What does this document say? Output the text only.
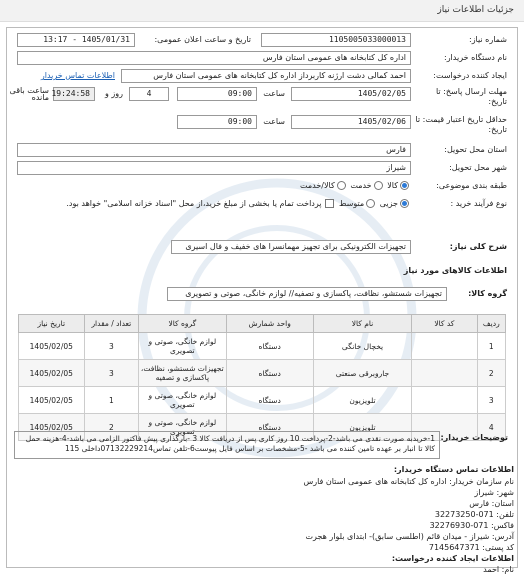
جزئیات اطلاعات نیاز
شماره نیاز:
1105005033000013
تاریخ و ساعت اعلان عمومی:
1405/01/31 - 13:17
نام دستگاه خریدار:
اداره کل کتابخانه های عمومی استان فارس
ایجاد کننده درخواست:
احمد کمالی دشت ارژنه کاربرداز اداره کل کتابخانه های عمومی استان فارس
اطلاعات تماس خریدار
مهلت ارسال پاسخ: تا تاریخ:
1405/02/05
ساعت
09:00
4
روز و
19:24:58
ساعت باقی مانده
حداقل تاریخ اعتبار قیمت: تا تاریخ:
1405/02/06
ساعت
09:00
استان محل تحویل:
فارس
شهر محل تحویل:
شیراز
طبقه بندی موضوعی:
کالا خدمت کالا/خدمت
نوع فرآیند خرید :
جزیی متوسط پرداخت تمام یا بخشی از مبلغ خرید،از محل "اسناد خزانه اسلامی" خواهد بود.
شرح کلی نیاز:
تجهیزات الکترونیکی برای تجهیز مهمانسرا های خفیف و فال اسیری
اطلاعات کالاهای مورد نیاز
گروه کالا:
تجهیزات شستشو، نظافت، پاکسازی و تصفیه// لوازم خانگی، صوتی و تصویری
ردیف	کد کالا	نام کالا	واحد شمارش	گروه کالا	تعداد / مقدار	تاریخ نیاز
1		یخچال خانگی	دستگاه	لوازم خانگی، صوتی و تصویری	3	1405/02/05
2		جاروبرقی صنعتی	دستگاه	تجهیزات شستشو، نظافت، پاکسازی و تصفیه	3	1405/02/05
3		تلویزیون	دستگاه	لوازم خانگی، صوتی و تصویری	1	1405/02/05
4		تلویزیون	دستگاه	لوازم خانگی، صوتی و تصویری	2	1405/02/05
1-خریدبه صورت نقدی می باشد-2-پرداخت 10 روز کاری پس از دریافت کالا 3 -بارگذاری پیش فاکتور الزامی می باشد-4-هزینه حمل کالا تا انبار بر عهده تامین کننده می باشد -5-مشخصات بر اساس فایل پیوست6-تلفن تماس07132229214داخلی 115
توضیحات خریدار:
اطلاعات تماس دستگاه خریدار:
نام سازمان خریدار: اداره کل کتابخانه های عمومی استان فارس
شهر: شیراز
استان: فارس
تلفن: 071-32273250
فاکس: 071-32276930
آدرس: شیراز - میدان قائم (اطلسی سابق)- ابتدای بلوار هجرت
کد پستی: 7145647371
اطلاعات ایجاد کننده درخواست:
نام: احمد
